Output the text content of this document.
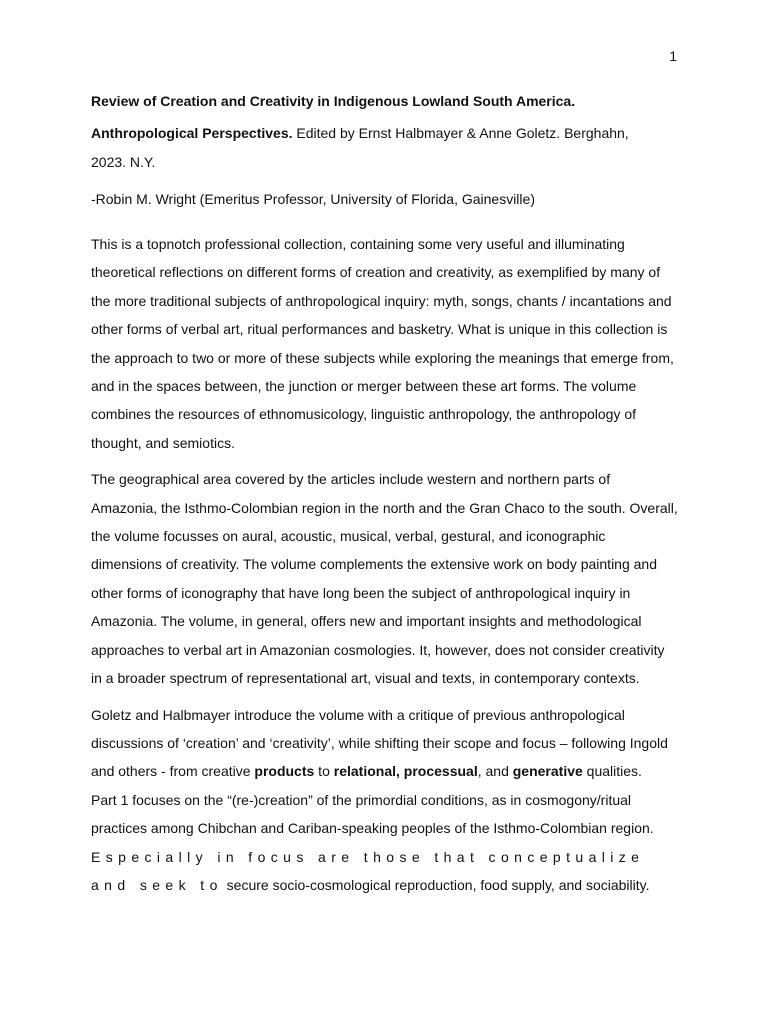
1
Review of Creation and Creativity in Indigenous Lowland South America.

Anthropological Perspectives. Edited by Ernst Halbmayer & Anne Goletz. Berghahn,
2023. N.Y.

-Robin M. Wright (Emeritus Professor, University of Florida, Gainesville)

This is a topnotch professional collection, containing some very useful and illuminating theoretical reflections on different forms of creation and creativity, as exemplified by many of the more traditional subjects of anthropological inquiry: myth, songs, chants / incantations and other forms of verbal art, ritual performances and basketry. What is unique in this collection is the approach to two or more of these subjects while exploring the meanings that emerge from, and in the spaces between, the junction or merger between these art forms. The volume combines the resources of ethnomusicology, linguistic anthropology, the anthropology of thought, and semiotics.

The geographical area covered by the articles include western and northern parts of Amazonia, the Isthmo-Colombian region in the north and the Gran Chaco to the south. Overall, the volume focusses on aural, acoustic, musical, verbal, gestural, and iconographic dimensions of creativity. The volume complements the extensive work on body painting and other forms of iconography that have long been the subject of anthropological inquiry in Amazonia. The volume, in general, offers new and important insights and methodological approaches to verbal art in Amazonian cosmologies. It, however, does not consider creativity in a broader spectrum of representational art, visual and texts, in contemporary contexts.

Goletz and Halbmayer introduce the volume with a critique of previous anthropological discussions of ‘creation’ and ‘creativity’, while shifting their scope and focus – following Ingold and others - from creative products to relational, processual, and generative qualities.

Part 1 focuses on the “(re-)creation” of the primordial conditions, as in cosmogony/ritual practices among Chibchan and Cariban-speaking peoples of the Isthmo-Colombian region. Especially in focus are those that conceptualize and seek to secure socio-cosmological reproduction, food supply, and sociability.
